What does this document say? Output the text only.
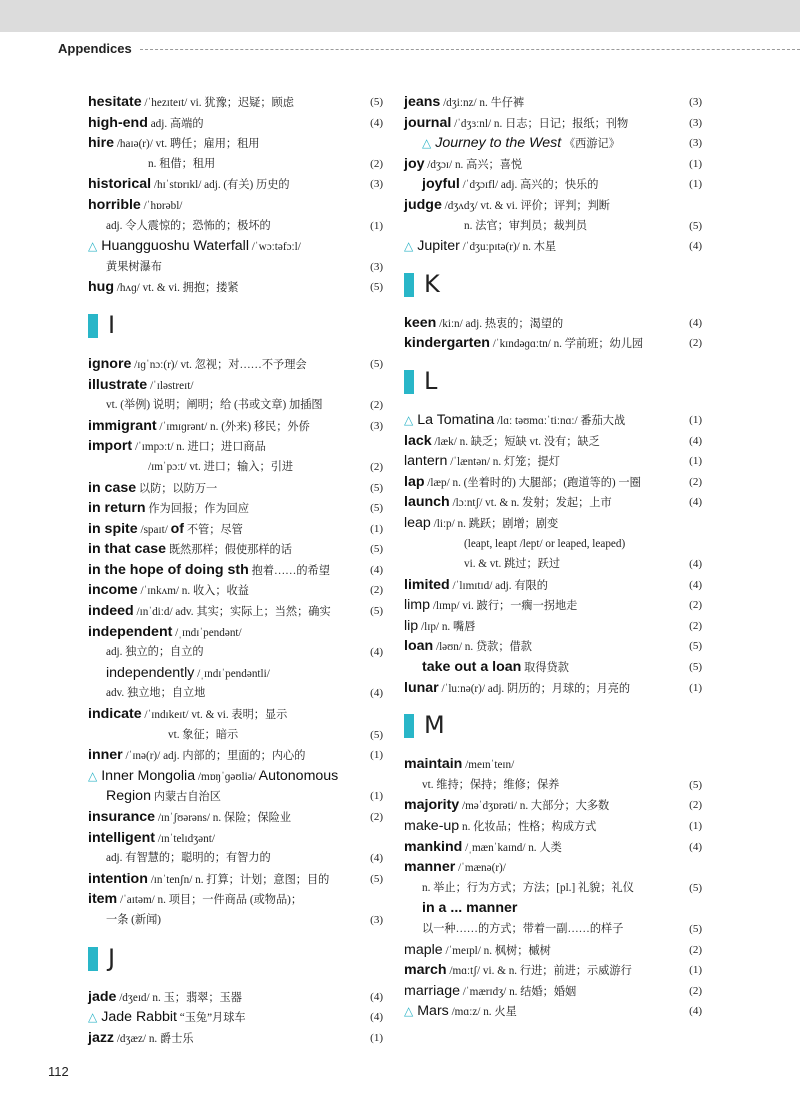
Appendices
hesitate /ˈhezɪteɪt/ vi. 犹豫；迟疑；顾虑	(5)
high-end adj. 高端的	(4)
hire /haɪə(r)/ vt. 聘任；雇用；租用
n. 租借；租用	(2)
historical /hɪˈstɒrɪkl/ adj. (有关) 历史的	(3)
horrible /ˈhɒrəbl/
adj. 令人震惊的；恐怖的；极坏的	(1)
△ Huangguoshu Waterfall /ˈwɔːtəfɔːl/
黄果树瀑布	(3)
hug /hʌɡ/ vt. & vi. 拥抱；搂紧	(5)
I
ignore /ɪɡˈnɔː(r)/ vt. 忽视；对……不予理会	(5)
illustrate /ˈɪləstreɪt/
vt. (举例) 说明；阐明；给 (书或文章) 加插图	(2)
immigrant /ˈɪmɪɡrənt/ n. (外来) 移民；外侨	(3)
import /ˈɪmpɔːt/ n. 进口；进口商品
/ɪmˈpɔːt/ vt. 进口；输入；引进	(2)
in case 以防；以防万一	(5)
in return 作为回报；作为回应	(5)
in spite /spaɪt/ of 不管；尽管	(1)
in that case 既然那样；假使那样的话	(5)
in the hope of doing sth 抱着……的希望	(4)
income /ˈɪnkʌm/ n. 收入；收益	(2)
indeed /ɪnˈdiːd/ adv. 其实；实际上；当然；确实	(5)
independent /ˌɪndɪˈpendənt/
adj. 独立的；自立的	(4)
independently /ˌɪndɪˈpendəntli/
adv. 独立地；自立地	(4)
indicate /ˈɪndɪkeɪt/ vt. & vi. 表明；显示
vt. 象征；暗示	(5)
inner /ˈɪnə(r)/ adj. 内部的；里面的；内心的	(1)
△ Inner Mongolia /mɒŋˈɡəʊliə/ Autonomous
Region 内蒙古自治区	(1)
insurance /ɪnˈʃʊərəns/ n. 保险；保险业	(2)
intelligent /ɪnˈtelɪdʒənt/
adj. 有智慧的；聪明的；有智力的	(4)
intention /ɪnˈtenʃn/ n. 打算；计划；意图；目的	(5)
item /ˈaɪtəm/ n. 项目；一件商品 (或物品)；
一条 (新闻)	(3)
J
jade /dʒeɪd/ n. 玉；翡翠；玉器	(4)
△ Jade Rabbit “玉兔”月球车	(4)
jazz /dʒæz/ n. 爵士乐	(1)
jeans /dʒiːnz/ n. 牛仔裤	(3)
journal /ˈdʒɜːnl/ n. 日志；日记；报纸；刊物	(3)
△ Journey to the West 《西游记》	(3)
joy /dʒɔɪ/ n. 高兴；喜悦	(1)
joyful /ˈdʒɔɪfl/ adj. 高兴的；快乐的	(1)
judge /dʒʌdʒ/ vt. & vi. 评价；评判；判断
n. 法官；审判员；裁判员	(5)
△ Jupiter /ˈdʒuːpɪtə(r)/ n. 木星	(4)
K
keen /kiːn/ adj. 热衷的；渴望的	(4)
kindergarten /ˈkɪndəɡɑːtn/ n. 学前班；幼儿园	(2)
L
△ La Tomatina /lɑː təʊmɑːˈtiːnɑː/ 番茄大战	(1)
lack /læk/ n. 缺乏；短缺 vt. 没有；缺乏	(4)
lantern /ˈlæntən/ n. 灯笼；提灯	(1)
lap /læp/ n. (坐着时的) 大腿部；(跑道等的) 一圈	(2)
launch /lɔːntʃ/ vt. & n. 发射；发起；上市	(4)
leap /liːp/ n. 跳跃；剧增；剧变
(leapt, leapt /lept/ or leaped, leaped)
vi. & vt. 跳过；跃过	(4)
limited /ˈlɪmɪtɪd/ adj. 有限的	(4)
limp /lɪmp/ vi. 跛行；一瘸一拐地走	(2)
lip /lɪp/ n. 嘴唇	(2)
loan /ləʊn/ n. 贷款；借款	(5)
take out a loan 取得贷款	(5)
lunar /ˈluːnə(r)/ adj. 阴历的；月球的；月亮的	(1)
M
maintain /meɪnˈteɪn/
vt. 维持；保持；维修；保养	(5)
majority /məˈdʒɒrəti/ n. 大部分；大多数	(2)
make-up n. 化妆品；性格；构成方式	(1)
mankind /ˌmænˈkaɪnd/ n. 人类	(4)
manner /ˈmænə(r)/
n. 举止；行为方式；方法；[pl.] 礼貌；礼仪	(5)
in a ... manner
以一种……的方式；带着一副……的样子	(5)
maple /ˈmeɪpl/ n. 枫树；槭树	(2)
march /mɑːtʃ/ vi. & n. 行进；前进；示威游行	(1)
marriage /ˈmærɪdʒ/ n. 结婚；婚姻	(2)
△ Mars /mɑːz/ n. 火星	(4)
112
